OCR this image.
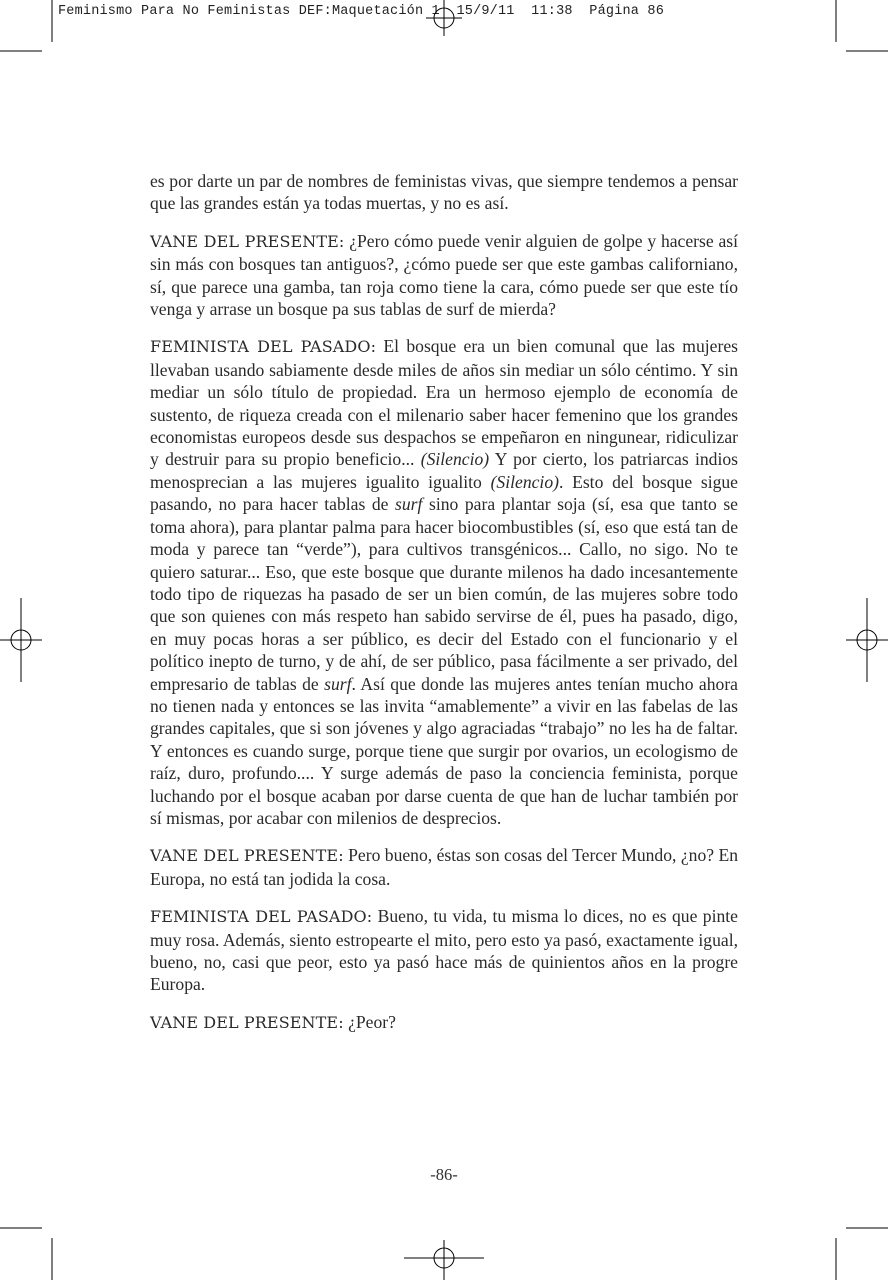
Feminismo Para No Feministas DEF:Maquetación 1  15/9/11  11:38  Página 86

es por darte un par de nombres de feministas vivas, que siempre tendemos a pensar que las grandes están ya todas muertas, y no es así.

VANE DEL PRESENTE: ¿Pero cómo puede venir alguien de golpe y hacerse así sin más con bosques tan antiguos?, ¿cómo puede ser que este gambas californiano, sí, que parece una gamba, tan roja como tiene la cara, cómo puede ser que este tío venga y arrase un bosque pa sus tablas de surf de mierda?

FEMINISTA DEL PASADO: El bosque era un bien comunal que las mujeres llevaban usando sabiamente desde miles de años sin mediar un sólo céntimo. Y sin mediar un sólo título de propiedad. Era un hermoso ejemplo de economía de sustento, de riqueza creada con el milenario saber hacer femenino que los grandes economistas europeos desde sus despachos se empeñaron en ningunear, ridiculizar y destruir para su propio beneficio... (Silencio) Y por cierto, los patriarcas indios menosprecian a las mujeres igualito igualito (Silencio). Esto del bosque sigue pasando, no para hacer tablas de surf sino para plantar soja (sí, esa que tanto se toma ahora), para plantar palma para hacer biocombustibles (sí, eso que está tan de moda y parece tan “verde”), para cultivos transgénicos... Callo, no sigo. No te quiero saturar... Eso, que este bosque que durante milenos ha dado incesantemente todo tipo de riquezas ha pasado de ser un bien común, de las mujeres sobre todo que son quienes con más respeto han sabido servirse de él, pues ha pasado, digo, en muy pocas horas a ser público, es decir del Estado con el funcionario y el político inepto de turno, y de ahí, de ser público, pasa fácilmente a ser privado, del empresario de tablas de surf. Así que donde las mujeres antes tenían mucho ahora no tienen nada y entonces se las invita “amablemente” a vivir en las fabelas de las grandes capitales, que si son jóvenes y algo agraciadas “trabajo” no les ha de faltar. Y entonces es cuando surge, porque tiene que surgir por ovarios, un ecologismo de raíz, duro, profundo.... Y surge además de paso la conciencia feminista, porque luchando por el bosque acaban por darse cuenta de que han de luchar también por sí mismas, por acabar con milenios de desprecios.

VANE DEL PRESENTE: Pero bueno, éstas son cosas del Tercer Mundo, ¿no? En Europa, no está tan jodida la cosa.

FEMINISTA DEL PASADO: Bueno, tu vida, tu misma lo dices, no es que pinte muy rosa. Además, siento estropearte el mito, pero esto ya pasó, exactamente igual, bueno, no, casi que peor, esto ya pasó hace más de quinientos años en la progre Europa.

VANE DEL PRESENTE: ¿Peor?

-86-
